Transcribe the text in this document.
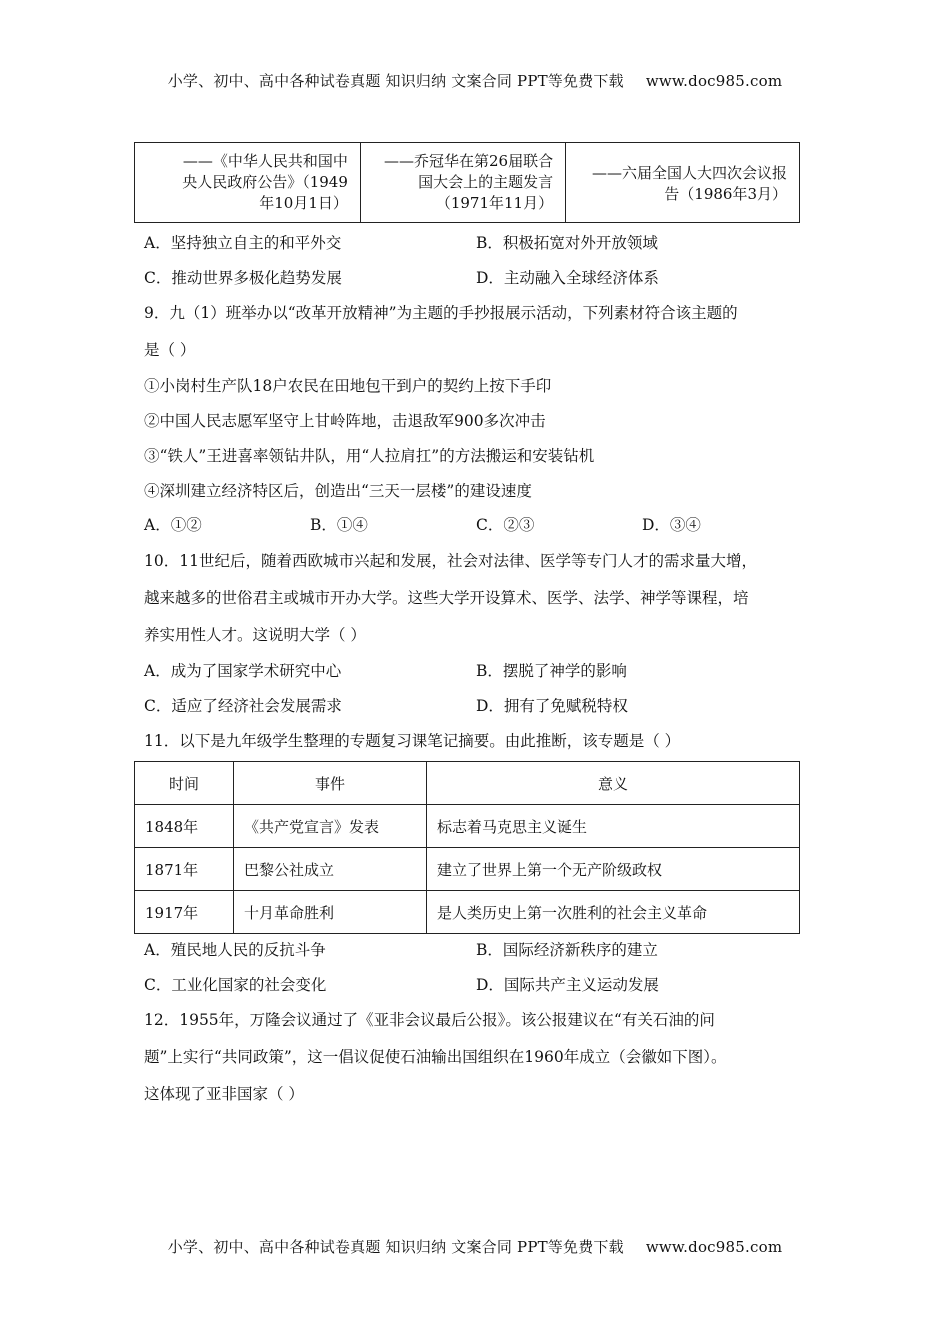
小学、初中、高中各种试卷真题 知识归纳 文案合同 PPT等免费下载 www.doc985.com
——《中华人民共和国中
央人民政府公告》（1949
年10月1日）

——乔冠华在第26届联合
国大会上的主题发言
（1971年11月）

——六届全国人大四次会议报
告（1986年3月）
A．坚持独立自主的和平外交	B．积极拓宽对外开放领域
C．推动世界多极化趋势发展	D．主动融入全球经济体系
9．九（1）班举办以“改革开放精神”为主题的手抄报展示活动，下列素材符合该主题的
是（ ）
①小岗村生产队18户农民在田地包干到户的契约上按下手印
②中国人民志愿军坚守上甘岭阵地，击退敌军900多次冲击
③“铁人”王进喜率领钻井队，用“人拉肩扛”的方法搬运和安装钻机
④深圳建立经济特区后，创造出“三天一层楼”的建设速度
A．①②	B．①④	C．②③	D．③④
10．11世纪后，随着西欧城市兴起和发展，社会对法律、医学等专门人才的需求量大增，
越来越多的世俗君主或城市开办大学。这些大学开设算术、医学、法学、神学等课程，培
养实用性人才。这说明大学（ ）
A．成为了国家学术研究中心	B．摆脱了神学的影响
C．适应了经济社会发展需求	D．拥有了免赋税特权
11．以下是九年级学生整理的专题复习课笔记摘要。由此推断，该专题是（ ）
时间	事件	意义
1848年	《共产党宣言》发表	标志着马克思主义诞生
1871年	巴黎公社成立	建立了世界上第一个无产阶级政权
1917年	十月革命胜利	是人类历史上第一次胜利的社会主义革命
A．殖民地人民的反抗斗争	B．国际经济新秩序的建立
C．工业化国家的社会变化	D．国际共产主义运动发展
12．1955年，万隆会议通过了《亚非会议最后公报》。该公报建议在“有关石油的问
题”上实行“共同政策”，这一倡议促使石油输出国组织在1960年成立（会徽如下图）。
这体现了亚非国家（ ）
小学、初中、高中各种试卷真题 知识归纳 文案合同 PPT等免费下载 www.doc985.com
